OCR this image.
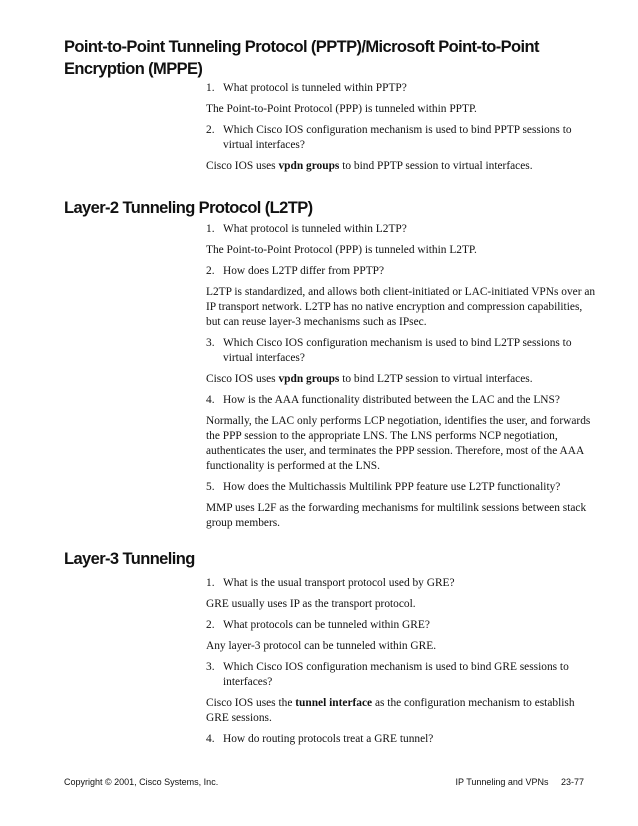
Point-to-Point Tunneling Protocol (PPTP)/Microsoft Point-to-Point
Encryption (MPPE)
1. What protocol is tunneled within PPTP?
The Point-to-Point Protocol (PPP) is tunneled within PPTP.
2. Which Cisco IOS configuration mechanism is used to bind PPTP sessions to virtual interfaces?
Cisco IOS uses vpdn groups to bind PPTP session to virtual interfaces.
Layer-2 Tunneling Protocol (L2TP)
1. What protocol is tunneled within L2TP?
The Point-to-Point Protocol (PPP) is tunneled within L2TP.
2. How does L2TP differ from PPTP?
L2TP is standardized, and allows both client-initiated or LAC-initiated VPNs over an IP transport network. L2TP has no native encryption and compression capabilities, but can reuse layer-3 mechanisms such as IPsec.
3. Which Cisco IOS configuration mechanism is used to bind L2TP sessions to virtual interfaces?
Cisco IOS uses vpdn groups to bind L2TP session to virtual interfaces.
4. How is the AAA functionality distributed between the LAC and the LNS?
Normally, the LAC only performs LCP negotiation, identifies the user, and forwards the PPP session to the appropriate LNS. The LNS performs NCP negotiation, authenticates the user, and terminates the PPP session. Therefore, most of the AAA functionality is performed at the LNS.
5. How does the Multichassis Multilink PPP feature use L2TP functionality?
MMP uses L2F as the forwarding mechanisms for multilink sessions between stack group members.
Layer-3 Tunneling
1. What is the usual transport protocol used by GRE?
GRE usually uses IP as the transport protocol.
2. What protocols can be tunneled within GRE?
Any layer-3 protocol can be tunneled within GRE.
3. Which Cisco IOS configuration mechanism is used to bind GRE sessions to interfaces?
Cisco IOS uses the tunnel interface as the configuration mechanism to establish GRE sessions.
4. How do routing protocols treat a GRE tunnel?
Copyright © 2001, Cisco Systems, Inc.	IP Tunneling and VPNs 23-77
